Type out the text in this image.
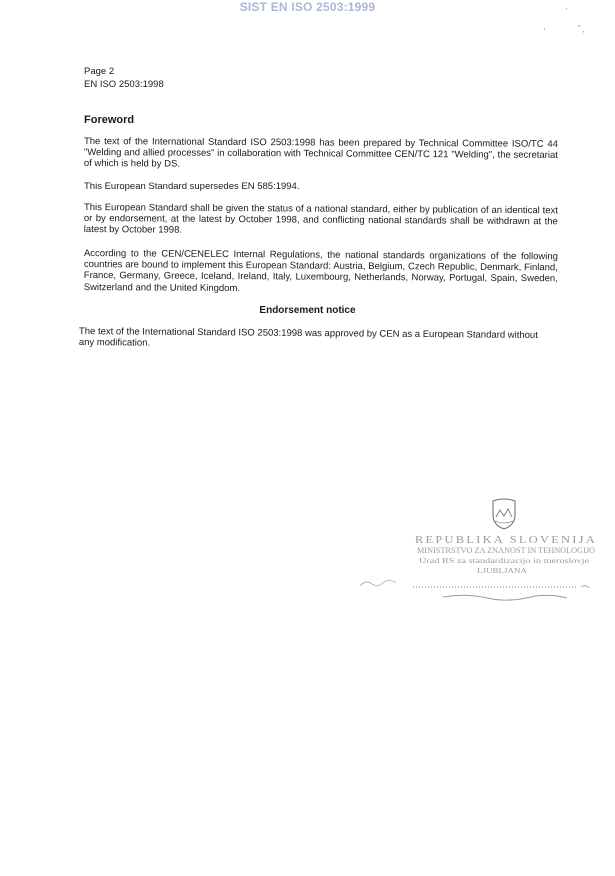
SIST EN ISO 2503:1999	'
'	''
'
Page 2
EN ISO 2503:1998
Foreword

The text of the International Standard ISO 2503:1998 has been prepared by Technical Committee ISO/TC 44 "Welding and allied processes" in collaboration with Technical Committee CEN/TC 121 "Welding", the secretariat of which is held by DS.

This European Standard supersedes EN 585:1994.

This European Standard shall be given the status of a national standard, either by publication of an identical text or by endorsement, at the latest by October 1998, and conflicting national standards shall be withdrawn at the latest by October 1998.

According to the CEN/CENELEC Internal Regulations, the national standards organizations of the following countries are bound to implement this European Standard: Austria, Belgium, Czech Republic, Denmark, Finland, France, Germany, Greece, Iceland, Ireland, Italy, Luxembourg, Netherlands, Norway, Portugal, Spain, Sweden, Switzerland and the United Kingdom.

Endorsement notice

The text of the International Standard ISO 2503:1998 was approved by CEN as a European Standard without any modification.

REPUBLIKA SLOVENIJA
MINISTRSTVO ZA ZNANOST IN TEHNOLOGIJO
Urad RS za standardizacijo in meroslovje
LJUBLJANA
